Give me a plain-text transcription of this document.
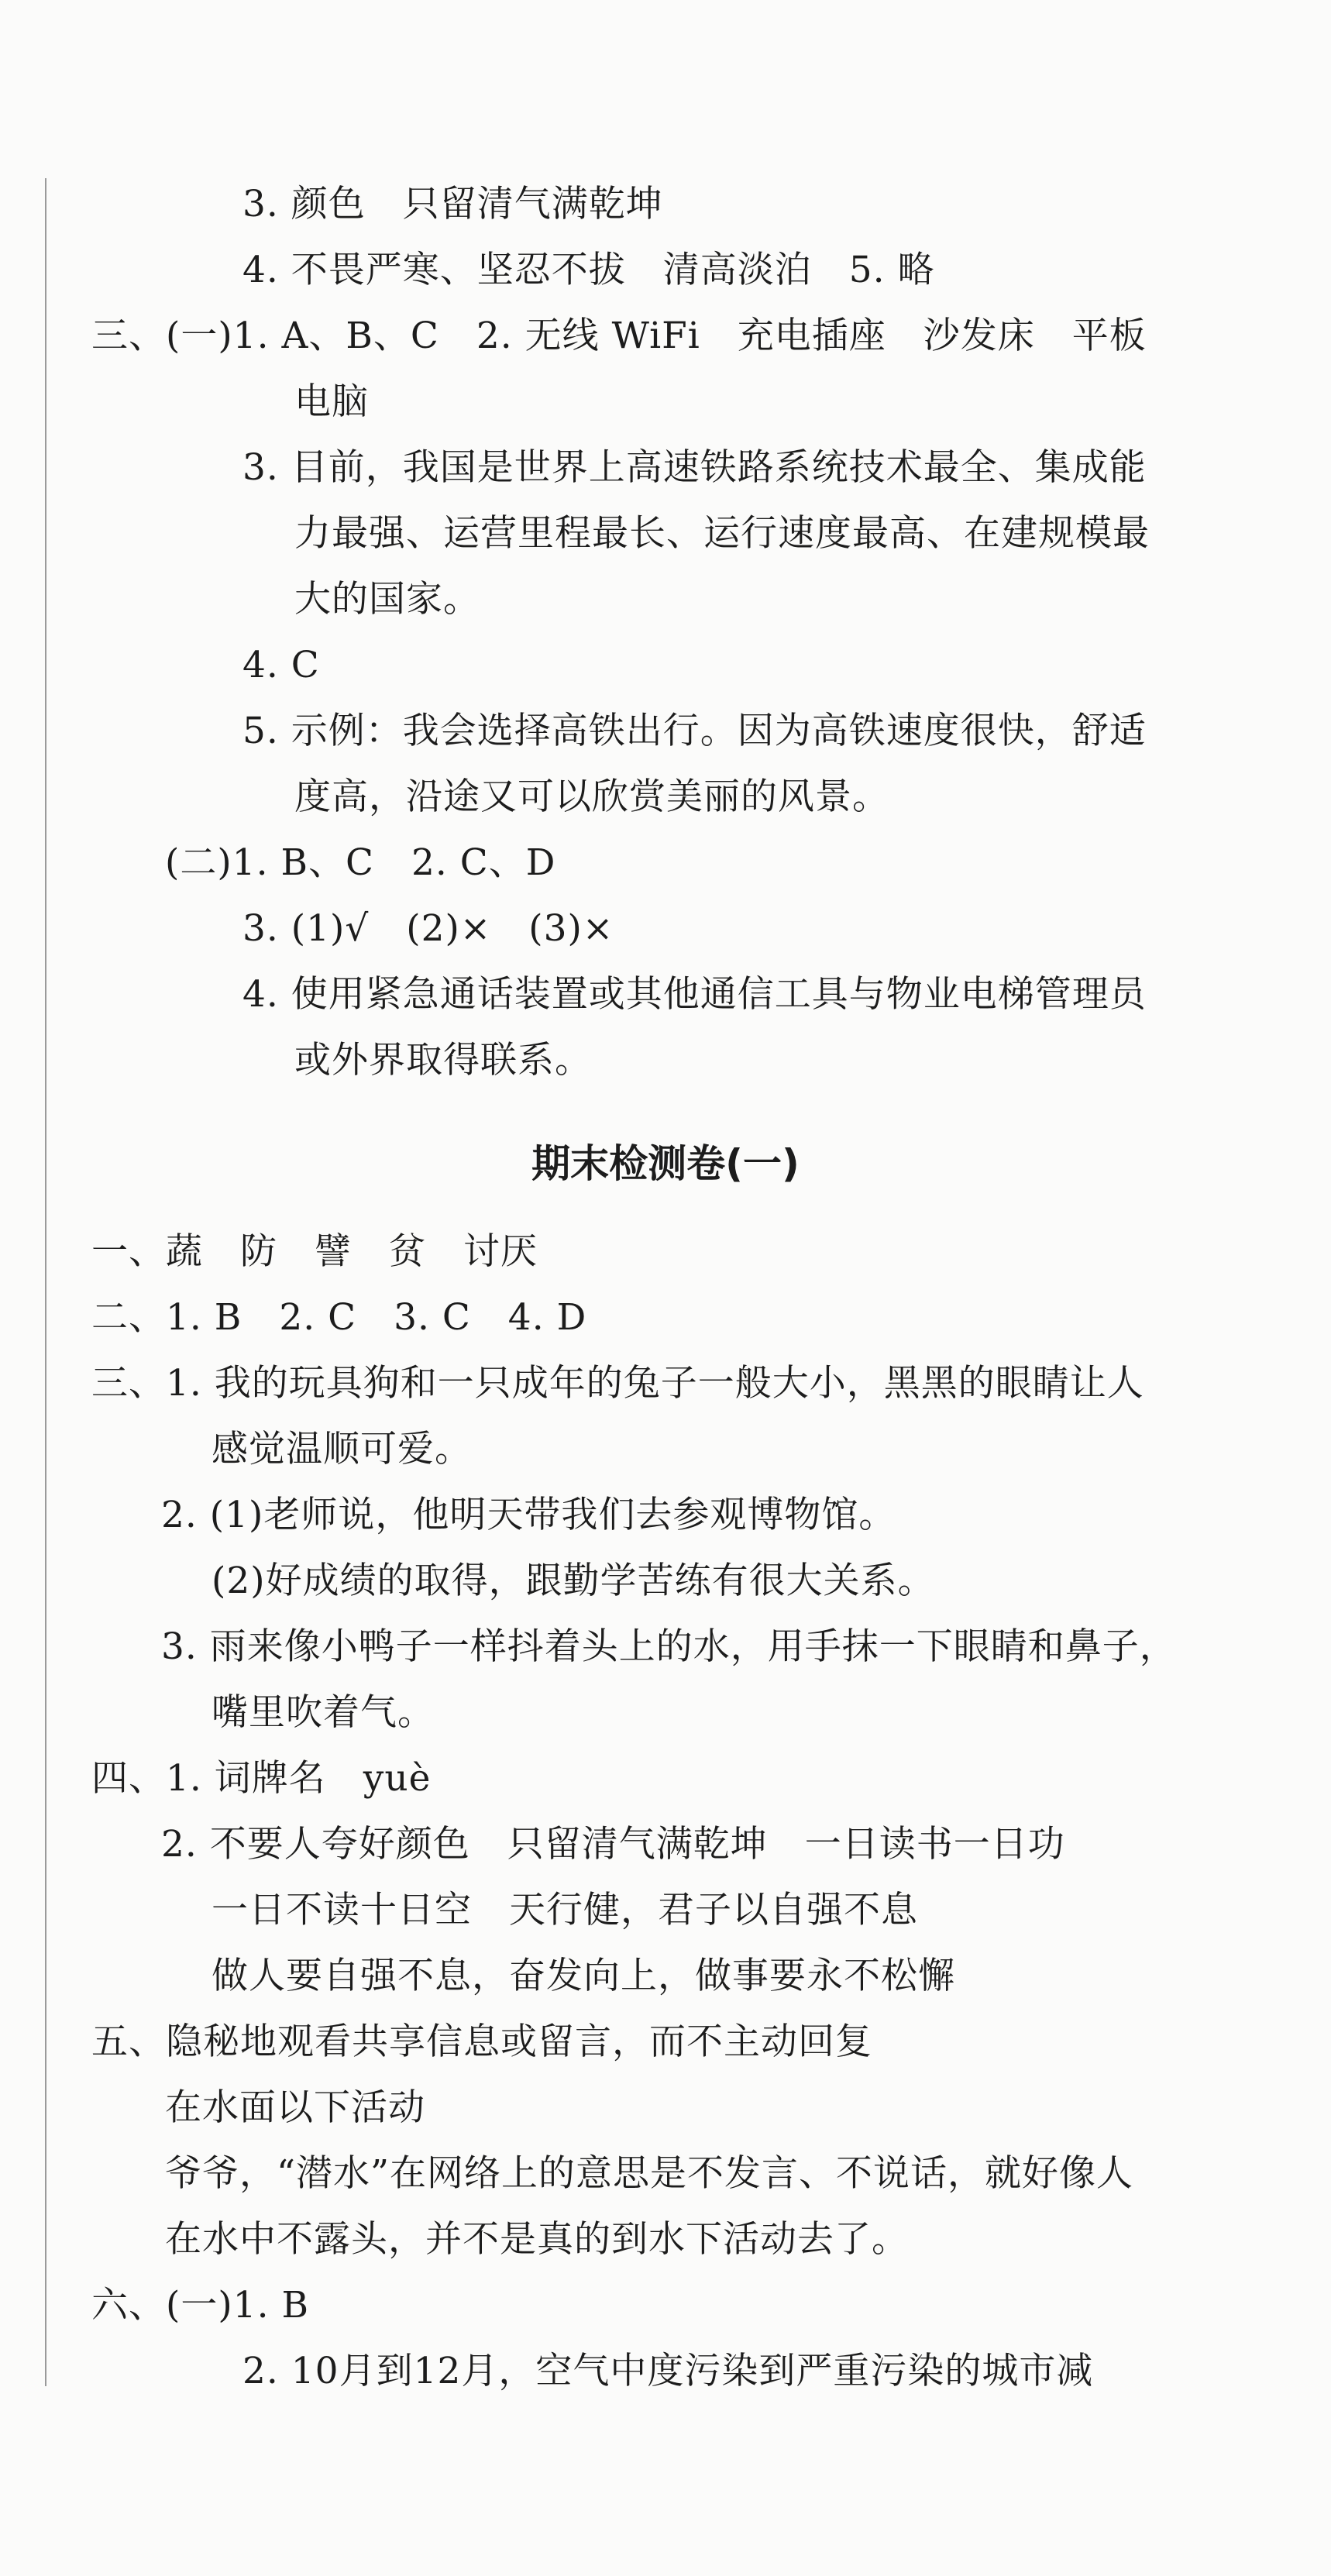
3. 颜色　只留清气满乾坤
4. 不畏严寒、坚忍不拔　清高淡泊　5. 略
三、(一)1. A、B、C　2. 无线 WiFi　充电插座　沙发床　平板
电脑
3. 目前，我国是世界上高速铁路系统技术最全、集成能
力最强、运营里程最长、运行速度最高、在建规模最
大的国家。
4. C
5. 示例：我会选择高铁出行。因为高铁速度很快，舒适
度高，沿途又可以欣赏美丽的风景。
(二)1. B、C　2. C、D
3. (1)√　(2)×　(3)×
4. 使用紧急通话装置或其他通信工具与物业电梯管理员
或外界取得联系。
期末检测卷(一)
一、蔬　防　譬　贫　讨厌
二、1. B　2. C　3. C　4. D
三、1. 我的玩具狗和一只成年的兔子一般大小，黑黑的眼睛让人
感觉温顺可爱。
2. (1)老师说，他明天带我们去参观博物馆。
(2)好成绩的取得，跟勤学苦练有很大关系。
3. 雨来像小鸭子一样抖着头上的水，用手抹一下眼睛和鼻子，
嘴里吹着气。
四、1. 词牌名　yuè
2. 不要人夸好颜色　只留清气满乾坤　一日读书一日功
一日不读十日空　天行健，君子以自强不息
做人要自强不息，奋发向上，做事要永不松懈
五、隐秘地观看共享信息或留言，而不主动回复
在水面以下活动
爷爷，“潜水”在网络上的意思是不发言、不说话，就好像人
在水中不露头，并不是真的到水下活动去了。
六、(一)1. B
2. 10月到12月，空气中度污染到严重污染的城市减
